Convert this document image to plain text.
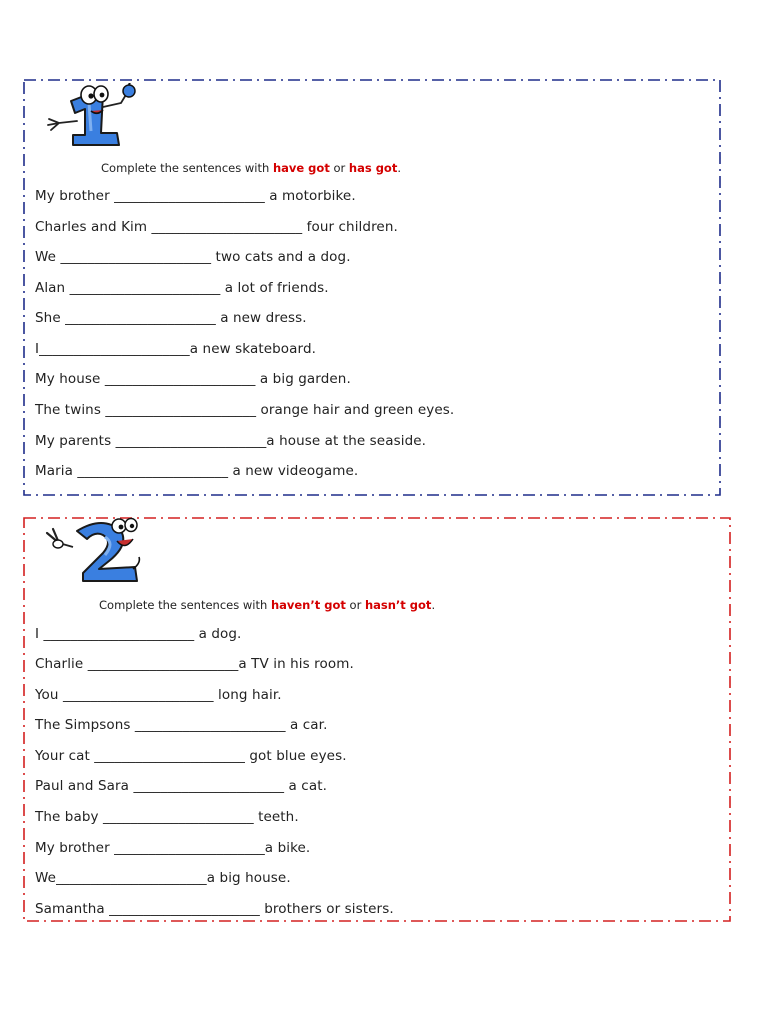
Complete the sentences with have got or has got.
My brother ______________________ a motorbike.
Charles and Kim ______________________ four children.
We ______________________ two cats and a dog.
Alan ______________________ a lot of friends.
She ______________________ a new dress.
I______________________a new skateboard.
My house ______________________ a big garden.
The twins ______________________ orange hair and green eyes.
My parents ______________________a house at the seaside.
Maria ______________________ a new videogame.
Complete the sentences with haven’t got or hasn’t got.
I ______________________ a dog.
Charlie ______________________a TV in his room.
You ______________________ long hair.
The Simpsons ______________________ a car.
Your cat ______________________ got blue eyes.
Paul and Sara ______________________ a cat.
The baby ______________________ teeth.
My brother ______________________a bike.
We______________________a big house.
Samantha ______________________ brothers or sisters.
